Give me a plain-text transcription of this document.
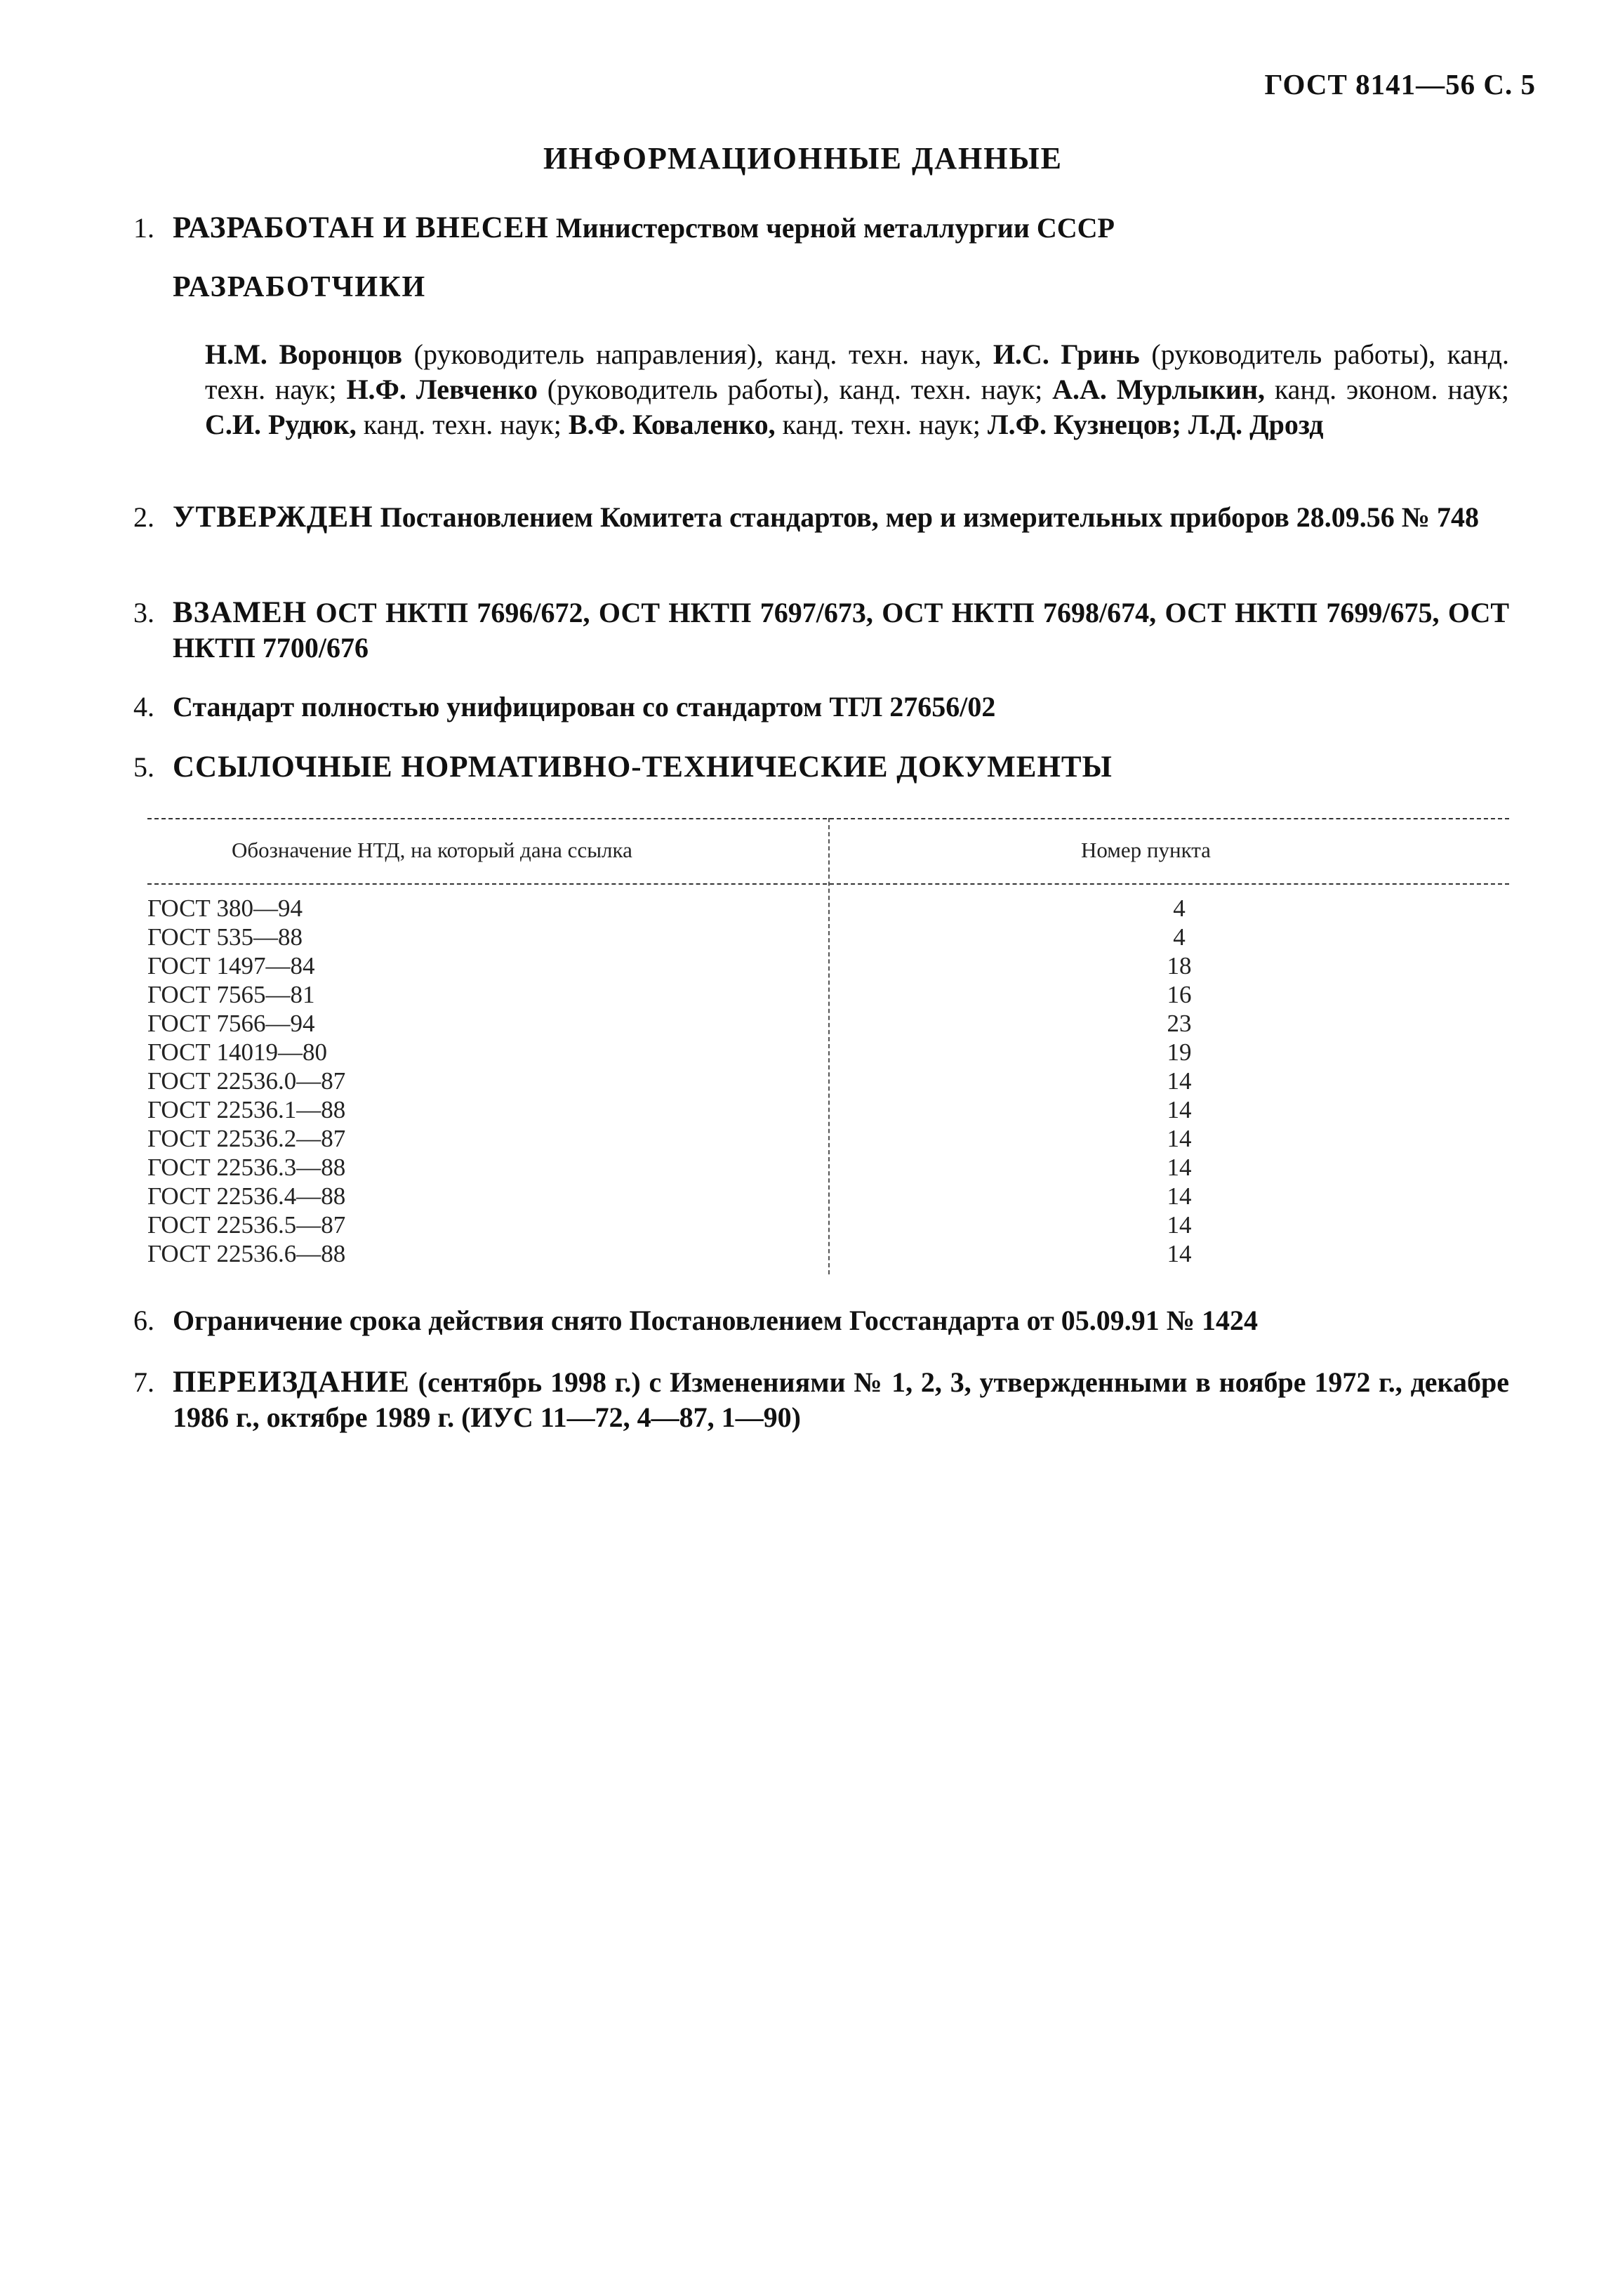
ГОСТ 8141—56 С. 5
ИНФОРМАЦИОННЫЕ ДАННЫЕ
1. РАЗРАБОТАН И ВНЕСЕН Министерством черной металлургии СССР
РАЗРАБОТЧИКИ
Н.М. Воронцов (руководитель направления), канд. техн. наук, И.С. Гринь (руководитель работы), канд. техн. наук; Н.Ф. Левченко (руководитель работы), канд. техн. наук; А.А. Мурлыкин, канд. эконом. наук; С.И. Рудюк, канд. техн. наук; В.Ф. Коваленко, канд. техн. наук; Л.Ф. Кузнецов; Л.Д. Дрозд
2. УТВЕРЖДЕН Постановлением Комитета стандартов, мер и измерительных приборов 28.09.56 № 748
3. ВЗАМЕН ОСТ НКТП 7696/672, ОСТ НКТП 7697/673, ОСТ НКТП 7698/674, ОСТ НКТП 7699/675, ОСТ НКТП 7700/676
4. Стандарт полностью унифицирован со стандартом ТГЛ 27656/02
5. ССЫЛОЧНЫЕ НОРМАТИВНО-ТЕХНИЧЕСКИЕ ДОКУМЕНТЫ
Обозначение НТД, на который дана ссылка	Номер пункта
ГОСТ 380—94	4
ГОСТ 535—88	4
ГОСТ 1497—84	18
ГОСТ 7565—81	16
ГОСТ 7566—94	23
ГОСТ 14019—80	19
ГОСТ 22536.0—87	14
ГОСТ 22536.1—88	14
ГОСТ 22536.2—87	14
ГОСТ 22536.3—88	14
ГОСТ 22536.4—88	14
ГОСТ 22536.5—87	14
ГОСТ 22536.6—88	14
6. Ограничение срока действия снято Постановлением Госстандарта от 05.09.91 № 1424
7. ПЕРЕИЗДАНИЕ (сентябрь 1998 г.) с Изменениями № 1, 2, 3, утвержденными в ноябре 1972 г., декабре 1986 г., октябре 1989 г. (ИУС 11—72, 4—87, 1—90)
